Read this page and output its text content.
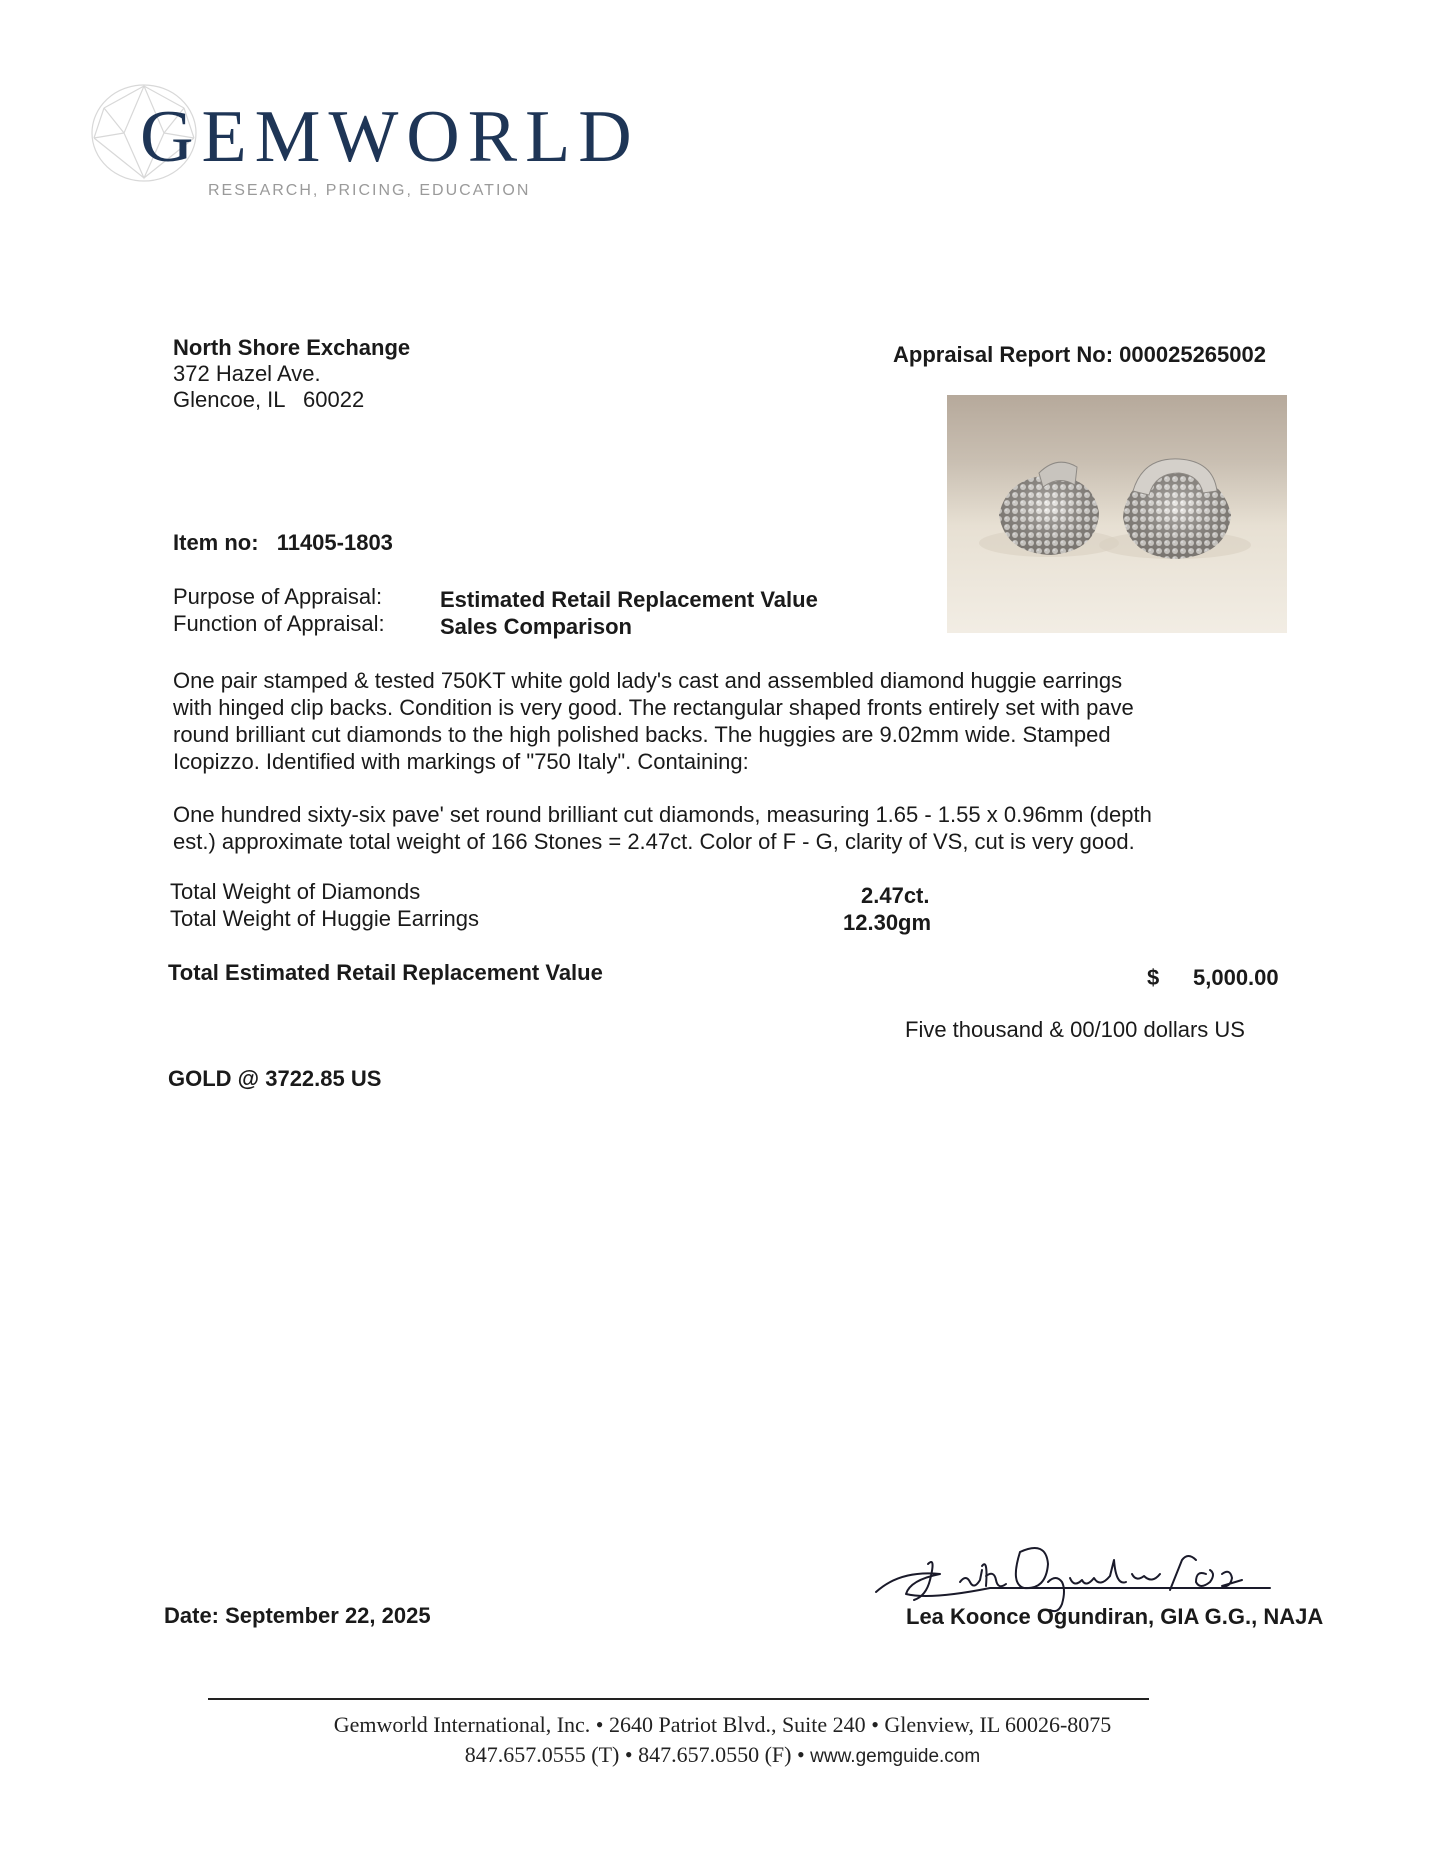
GEMWORLD
RESEARCH, PRICING, EDUCATION
North Shore Exchange
372 Hazel Ave.
Glencoe, IL   60022
Appraisal Report No: 000025265002
Item no: 11405-1803
Purpose of Appraisal:	Estimated Retail Replacement Value
Function of Appraisal:	Sales Comparison

One pair stamped & tested 750KT white gold lady's cast and assembled diamond huggie earrings

with hinged clip backs. Condition is very good. The rectangular shaped fronts entirely set with pave

round brilliant cut diamonds to the high polished backs. The huggies are 9.02mm wide. Stamped

Icopizzo. Identified with markings of "750 Italy". Containing:

One hundred sixty-six pave' set round brilliant cut diamonds, measuring 1.65 - 1.55 x 0.96mm (depth

est.) approximate total weight of 166 Stones = 2.47ct. Color of F - G, clarity of VS, cut is very good.

Total Weight of Diamonds	2.47ct.
Total Weight of Huggie Earrings	12.30gm
Total Estimated Retail Replacement Value	$ 5,000.00
Five thousand & 00/100 dollars US
GOLD @ 3722.85 US
Date: September 22, 2025	Lea Koonce Ogundiran, GIA G.G., NAJA
Gemworld International, Inc. • 2640 Patriot Blvd., Suite 240 • Glenview, IL 60026-8075
847.657.0555 (T) • 847.657.0550 (F) • www.gemguide.com
